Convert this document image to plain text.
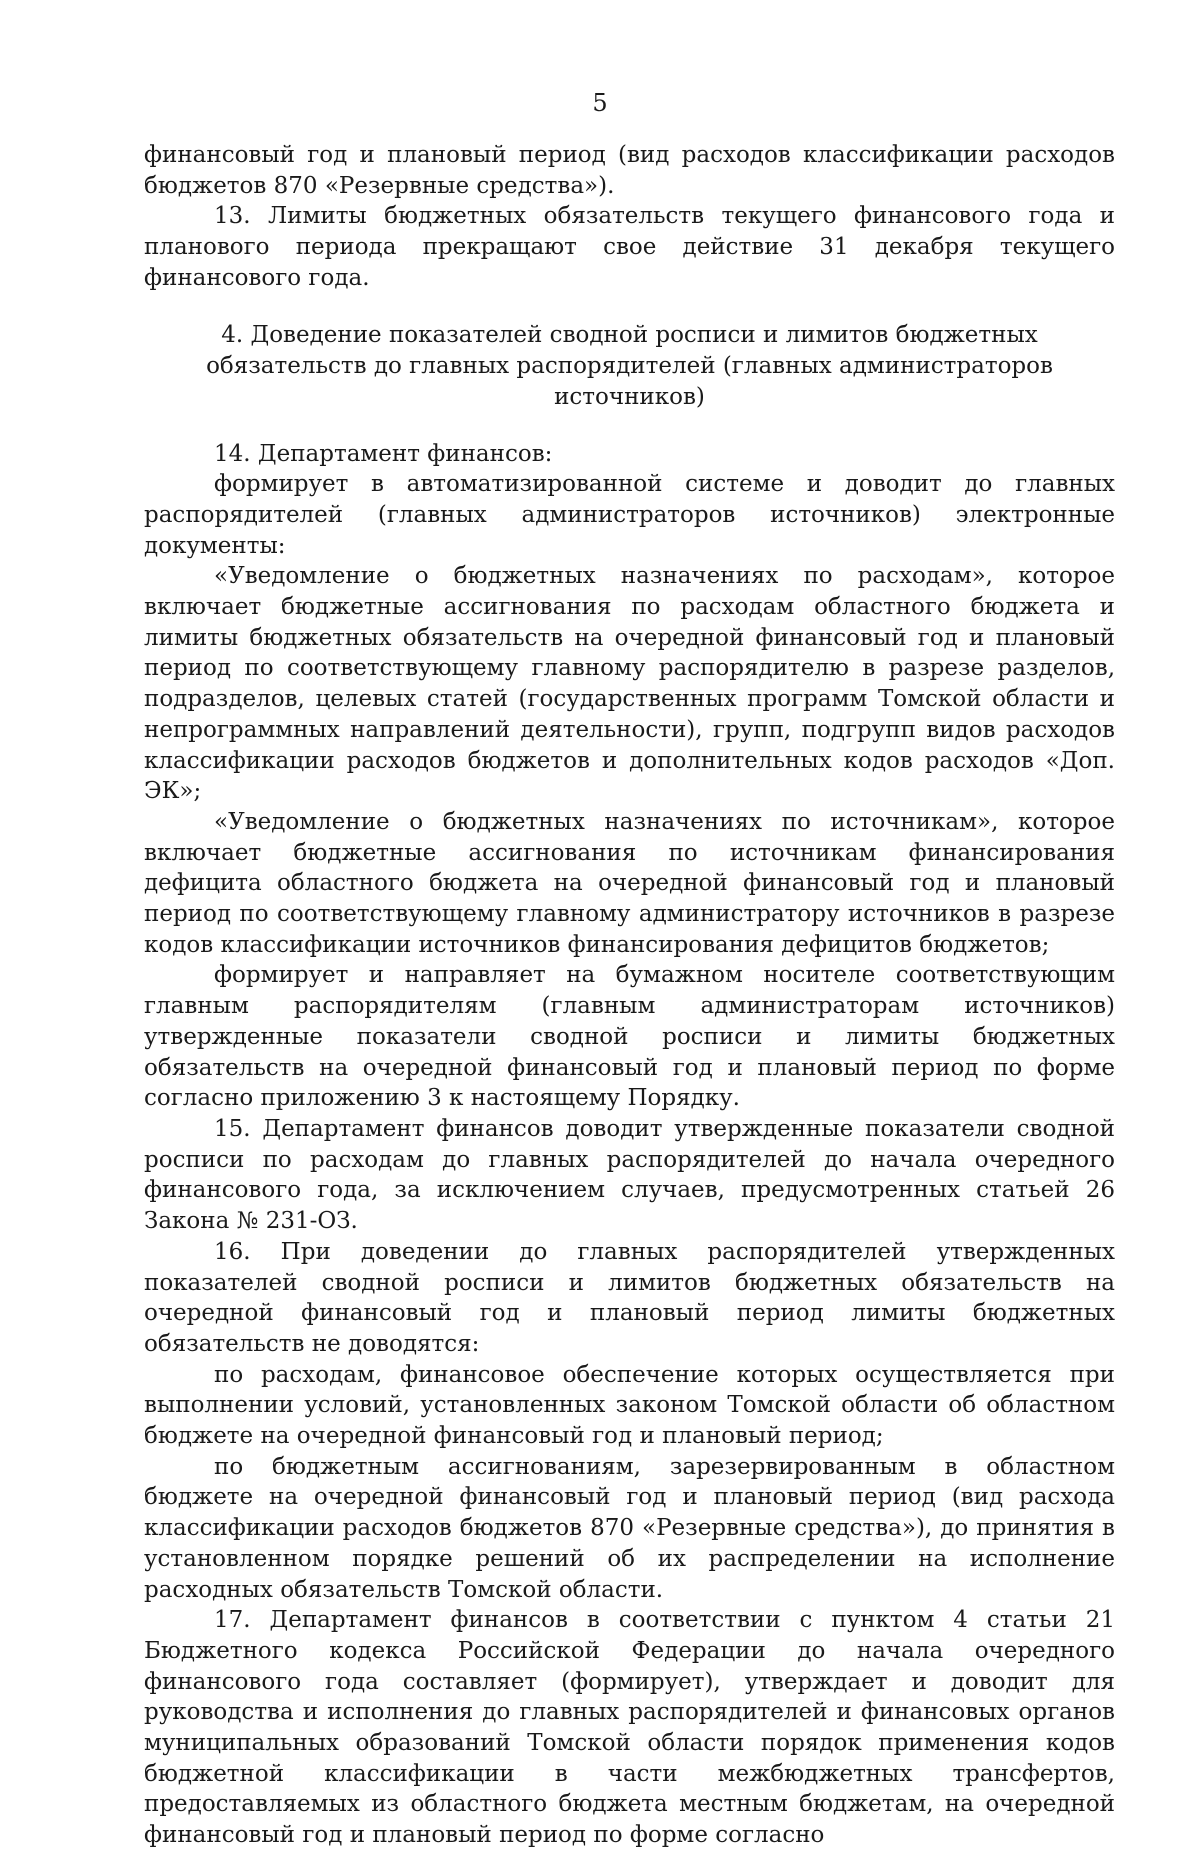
5

финансовый год и плановый период (вид расходов классификации расходов бюджетов 870 «Резервные средства»).

13. Лимиты бюджетных обязательств текущего финансового года и планового периода прекращают свое действие 31 декабря текущего финансового года.

4. Доведение показателей сводной росписи и лимитов бюджетных обязательств до главных распорядителей (главных администраторов источников)

14. Департамент финансов:

формирует в автоматизированной системе и доводит до главных распорядителей (главных администраторов источников) электронные документы:

«Уведомление о бюджетных назначениях по расходам», которое включает бюджетные ассигнования по расходам областного бюджета и лимиты бюджетных обязательств на очередной финансовый год и плановый период по соответствующему главному распорядителю в разрезе разделов, подразделов, целевых статей (государственных программ Томской области и непрограммных направлений деятельности), групп, подгрупп видов расходов классификации расходов бюджетов и дополнительных кодов расходов «Доп. ЭК»;

«Уведомление о бюджетных назначениях по источникам», которое включает бюджетные ассигнования по источникам финансирования дефицита областного бюджета на очередной финансовый год и плановый период по соответствующему главному администратору источников в разрезе кодов классификации источников финансирования дефицитов бюджетов;

формирует и направляет на бумажном носителе соответствующим главным распорядителям (главным администраторам источников) утвержденные показатели сводной росписи и лимиты бюджетных обязательств на очередной финансовый год и плановый период по форме согласно приложению 3 к настоящему Порядку.

15. Департамент финансов доводит утвержденные показатели сводной росписи по расходам до главных распорядителей до начала очередного финансового года, за исключением случаев, предусмотренных статьей 26 Закона № 231-ОЗ.

16. При доведении до главных распорядителей утвержденных показателей сводной росписи и лимитов бюджетных обязательств на очередной финансовый год и плановый период лимиты бюджетных обязательств не доводятся:

по расходам, финансовое обеспечение которых осуществляется при выполнении условий, установленных законом Томской области об областном бюджете на очередной финансовый год и плановый период;

по бюджетным ассигнованиям, зарезервированным в областном бюджете на очередной финансовый год и плановый период (вид расхода классификации расходов бюджетов 870 «Резервные средства»), до принятия в установленном порядке решений об их распределении на исполнение расходных обязательств Томской области.

17. Департамент финансов в соответствии с пунктом 4 статьи 21 Бюджетного кодекса Российской Федерации до начала очередного финансового года составляет (формирует), утверждает и доводит для руководства и исполнения до главных распорядителей и финансовых органов муниципальных образований Томской области порядок применения кодов бюджетной классификации в части межбюджетных трансфертов, предоставляемых из областного бюджета местным бюджетам, на очередной финансовый год и плановый период по форме согласно
